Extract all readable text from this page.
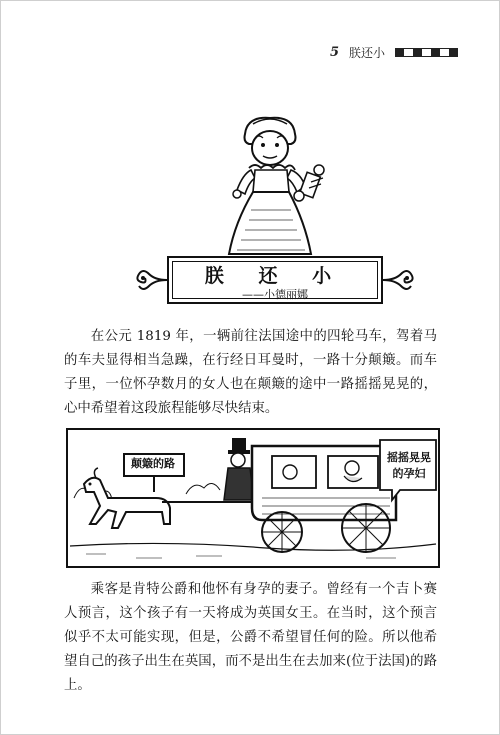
5 朕还小
朕 还 小
——小德丽娜

在公元 1819 年，一辆前往法国途中的四轮马车，驾着马的车夫显得相当急躁，在行经日耳曼时，一路十分颠簸。而车子里，一位怀孕数月的女人也在颠簸的途中一路摇摇晃晃的，心中希望着这段旅程能够尽快结束。

颠簸的路	摇摇晃晃的孕妇

乘客是肯特公爵和他怀有身孕的妻子。曾经有一个吉卜赛人预言，这个孩子有一天将成为英国女王。在当时，这个预言似乎不太可能实现，但是，公爵不希望冒任何的险。所以他希望自己的孩子出生在英国，而不是出生在去加来(位于法国)的路上。
